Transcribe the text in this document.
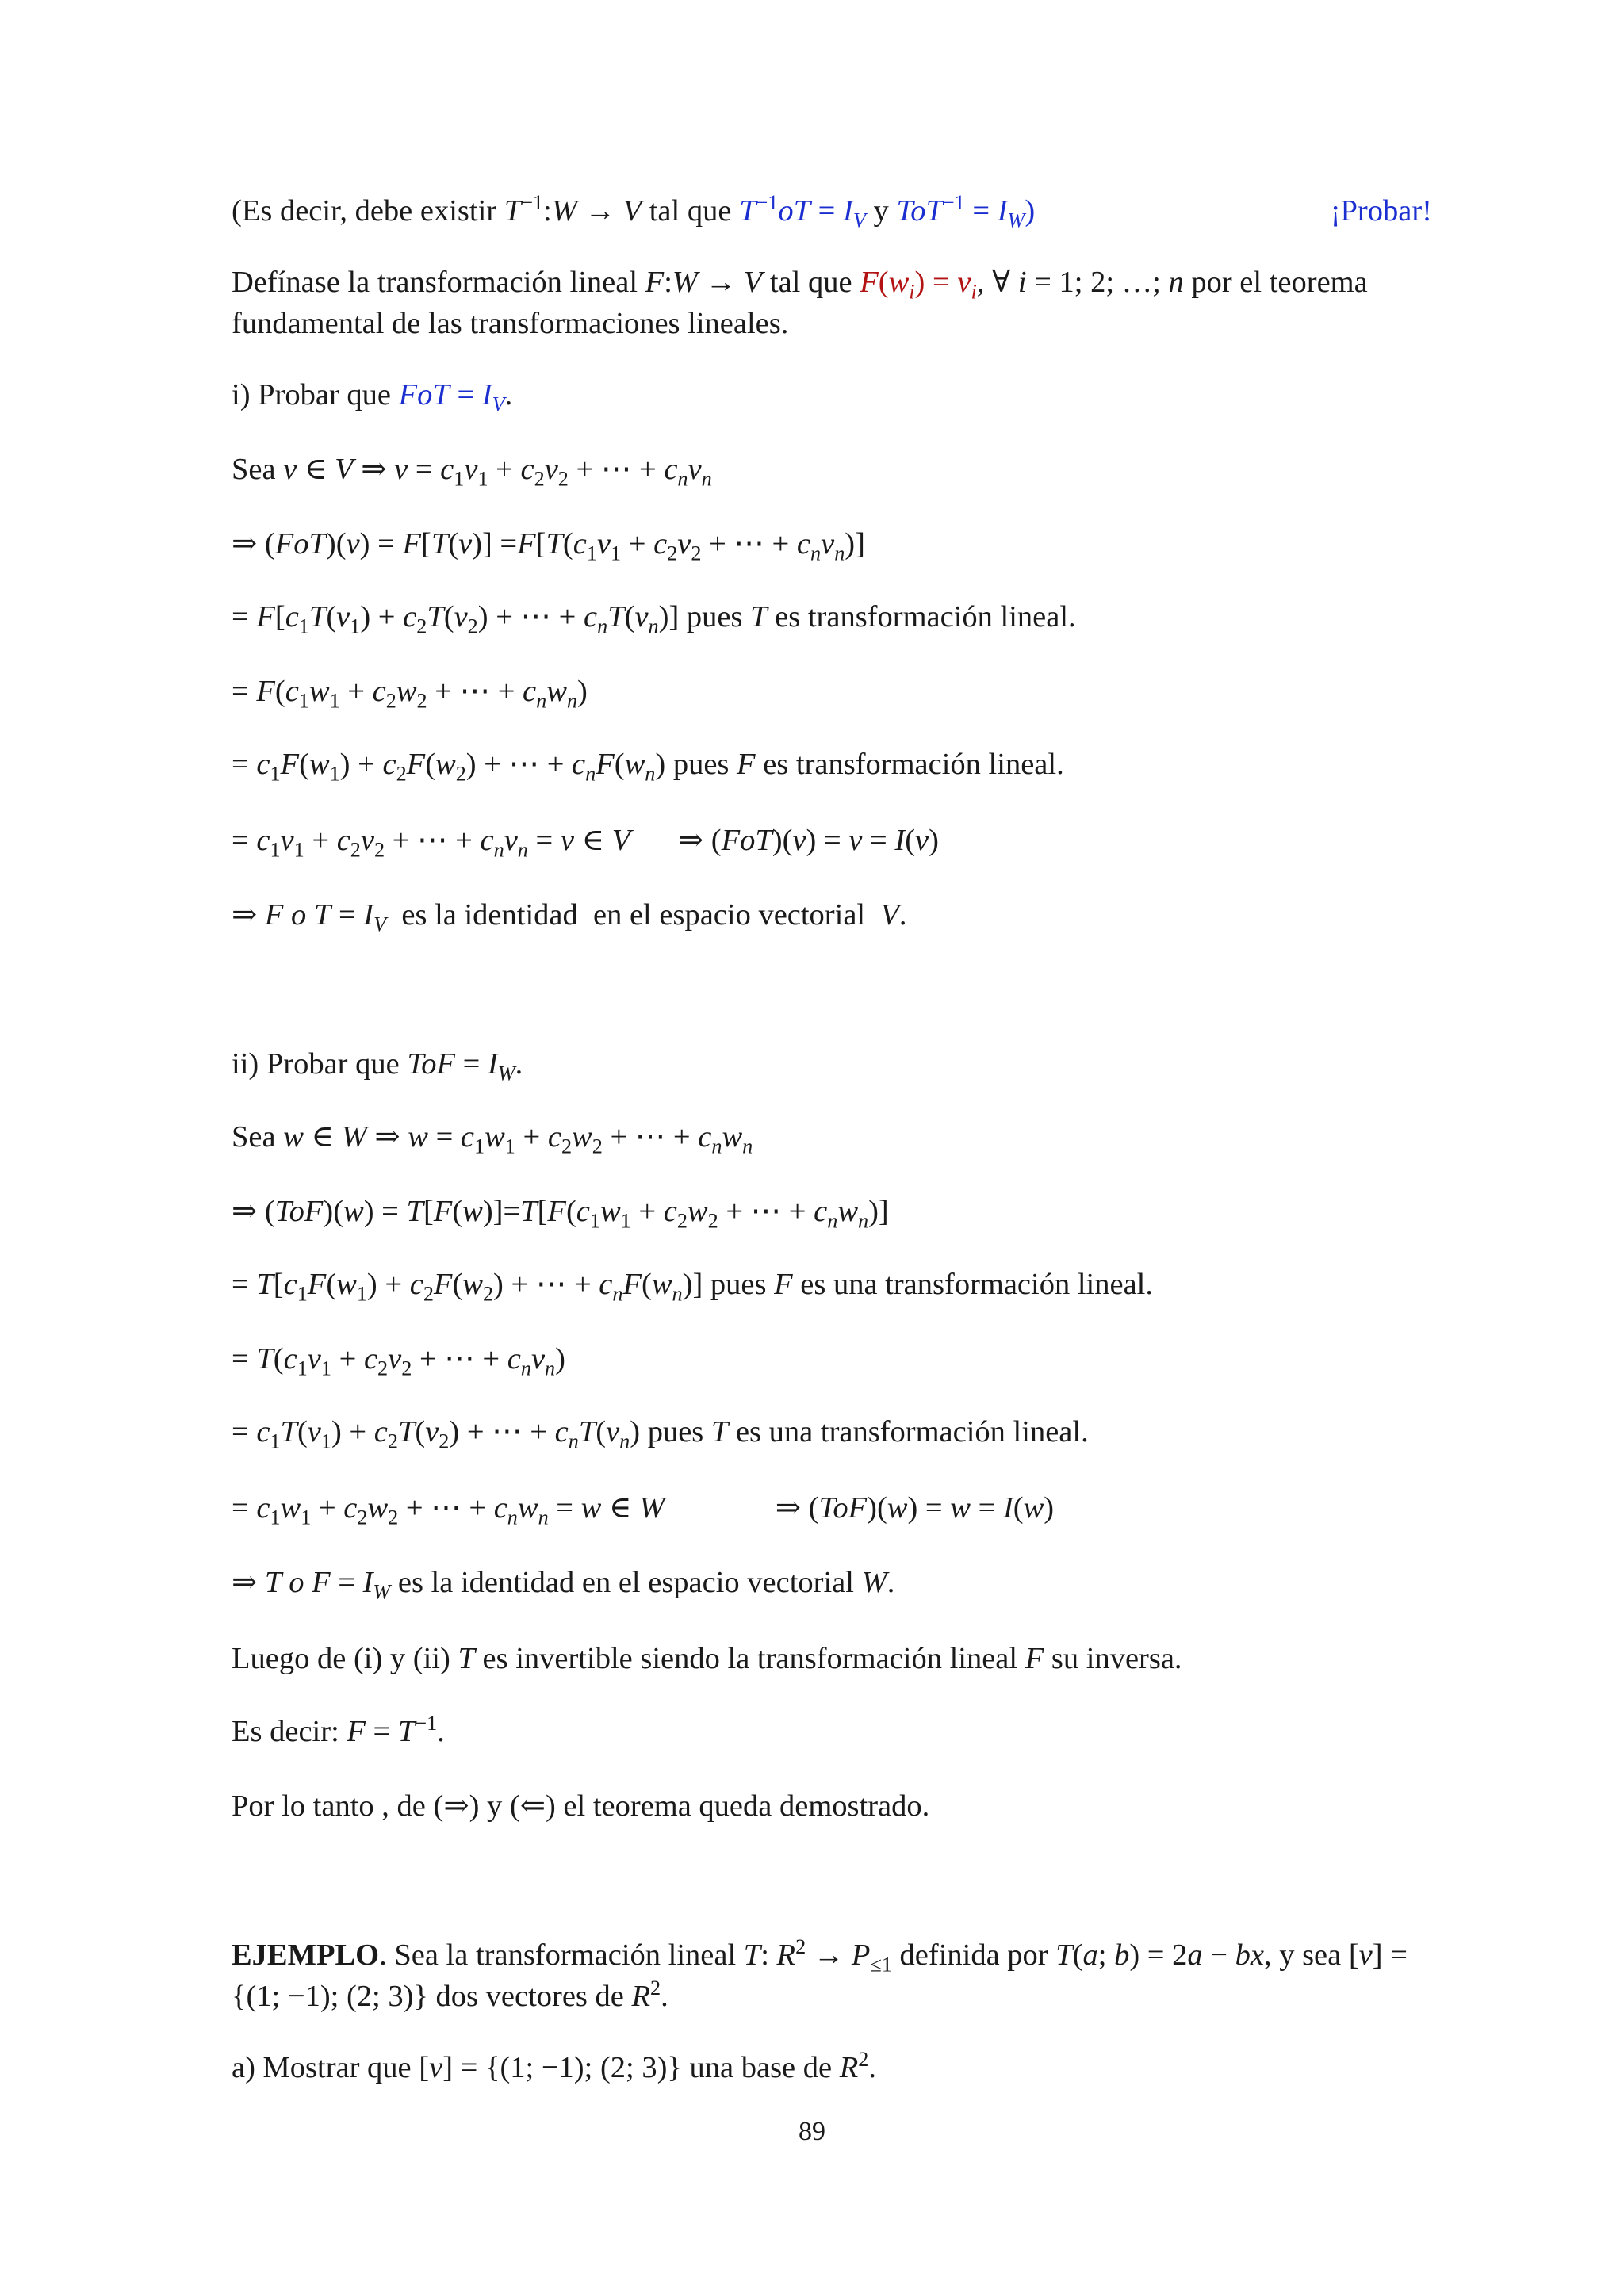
(Es decir, debe existir $T^{-1}:W \to V$ tal que $T^{-1}oT = I_V$ y $ToT^{-1} = I_W$)	¡Probar!
Defínase la transformación lineal F:W → V tal que $F(w_i) = v_i$, ∀ i = 1; 2; …; n por el teorema fundamental de las transformaciones lineales.
i) Probar que FoT = $I_V$.
Sea v ∈ V ⇒ $v = c_1v_1 + c_2v_2$ + ⋯ + $c_nv_n$
⇒ $(FoT)(v) = F[T(v)] =F[T(c_1v_1 + c_2v_2$ + ⋯ + $c_nv_n$)]
= $F[c_1T(v_1) + c_2T(v_2)$ + ⋯ + $c_nT(v_n)$] pues T es transformación lineal.
= $F(c_1w_1 + c_2w_2$ + ⋯ + $c_nw_n$)
= $c_1F(w_1) + c_2F(w_2)$ + ⋯ + $c_nF(w_n)$ pues F es transformación lineal.
= $c_1v_1 + c_2v_2$ + ⋯ + $c_nv_n = v$ ∈ V ⇒ (FoT)(v) = v = I(v)
⇒ F o $T = I_V$  es la identidad  en el espacio vectorial  V.
ii) Probar que ToF = $I_W$.
Sea w ∈ W ⇒ $w = c_1w_1 + c_2w_2$ + ⋯ + $c_nw_n$
⇒ $(ToF)(w) = T[F(w)]=T[F(c_1w_1 + c_2w_2$ + ⋯ + $c_nw_n$)]
= $T[c_1F(w_1) + c_2F(w_2)$ + ⋯ + $c_nF(w_n)$] pues F es una transformación lineal.
= $T(c_1v_1 + c_2v_2$ + ⋯ + $c_nv_n$)
= $c_1T(v_1) + c_2T(v_2)$ + ⋯ + $c_nT(v_n)$ pues T es una transformación lineal.
= $c_1w_1 + c_2w_2$ + ⋯ + $c_nw_n = w$ ∈ W	⇒ (ToF)(w) = w = I(w)
⇒ T o $F = I_W$ es la identidad en el espacio vectorial W.
Luego de (i) y (ii) T es invertible siendo la transformación lineal F su inversa.
Es decir: $F = T^{-1}$.
Por lo tanto , de (⇒) y (⇐) el teorema queda demostrado.
EJEMPLO. Sea la transformación lineal T: $R^2 \to P_{\le 1}$ definida por T(a; b) = 2a − bx, y sea [v] = {(1; −1); (2; 3)} dos vectores de $R^2$.
a) Mostrar que [v] = {(1; −1); (2; 3)} una base de $R^2$.
89
